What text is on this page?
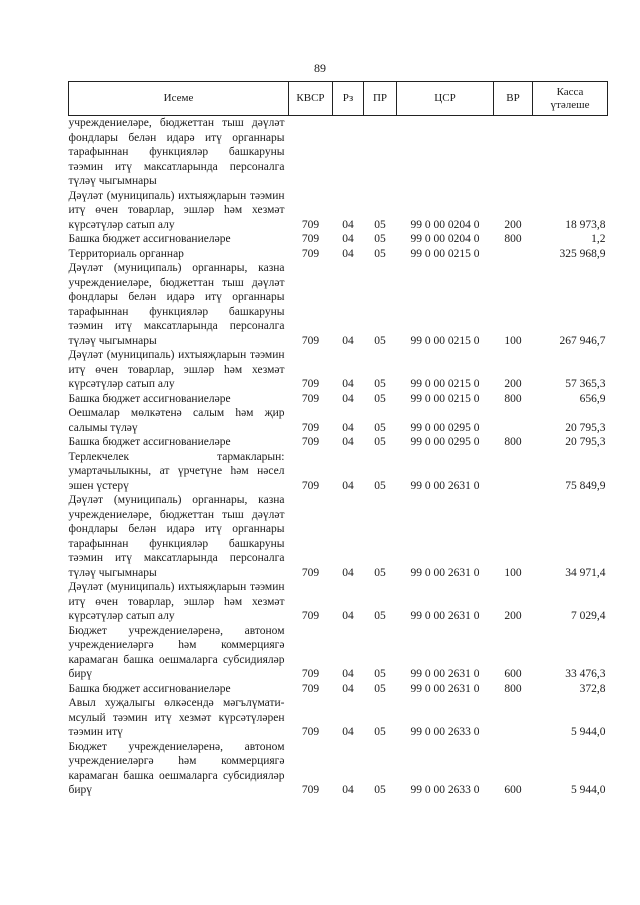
89
Исеме	КВСР	Рз	ПР	ЦСР	ВР	Касса
үтәлеше
учреждениеләре, бюджеттан тыш дәүләт фондлары белән идарә итү органнары тарафыннан функцияләр башкаруны тәэмин итү максатларында персоналга түләү чыгымнары						
Дәүләт (муниципаль) ихтыяҗларын тәэмин итү өчен товарлар, эшләр һәм хезмәт күрсәтүләр сатып алу	709	04	05	99 0 00 0204 0	200	18 973,8
Башка бюджет ассигнованиеләре	709	04	05	99 0 00 0204 0	800	1,2
Территориаль органнар	709	04	05	99 0 00 0215 0		325 968,9
Дәүләт (муниципаль) органнары, казна учреждениеләре, бюджеттан тыш дәүләт фондлары белән идарә итү органнары тарафыннан функцияләр башкаруны тәэмин итү максатларында персоналга түләү чыгымнары	709	04	05	99 0 00 0215 0	100	267 946,7
Дәүләт (муниципаль) ихтыяҗларын тәэмин итү өчен товарлар, эшләр һәм хезмәт күрсәтүләр сатып алу	709	04	05	99 0 00 0215 0	200	57 365,3
Башка бюджет ассигнованиеләре	709	04	05	99 0 00 0215 0	800	656,9
Оешмалар мөлкәтенә салым һәм җир салымы түләү	709	04	05	99 0 00 0295 0		20 795,3
Башка бюджет ассигнованиеләре	709	04	05	99 0 00 0295 0	800	20 795,3
Терлекчелек тармакларын: умартачылыкны, ат үрчетүне һәм нәсел эшен үстерү	709	04	05	99 0 00 2631 0		75 849,9
Дәүләт (муниципаль) органнары, казна учреждениеләре, бюджеттан тыш дәүләт фондлары белән идарә итү органнары тарафыннан функцияләр башкаруны тәэмин итү максатларында персоналга түләү чыгымнары	709	04	05	99 0 00 2631 0	100	34 971,4
Дәүләт (муниципаль) ихтыяҗларын тәэмин итү өчен товарлар, эшләр һәм хезмәт күрсәтүләр сатып алу	709	04	05	99 0 00 2631 0	200	7 029,4
Бюджет учреждениеләренә, автоном учреждениеләргә һәм коммерциягә карамаган башка оешмаларга субсидияләр бирү	709	04	05	99 0 00 2631 0	600	33 476,3
Башка бюджет ассигнованиеләре	709	04	05	99 0 00 2631 0	800	372,8
Авыл хуҗалыгы өлкәсендә мәгълүмати-мсулый тәэмин итү хезмәт күрсәтүләрен тәэмин итү	709	04	05	99 0 00 2633 0		5 944,0
Бюджет учреждениеләренә, автоном учреждениеләргә һәм коммерциягә карамаган башка оешмаларга субсидияләр бирү	709	04	05	99 0 00 2633 0	600	5 944,0
